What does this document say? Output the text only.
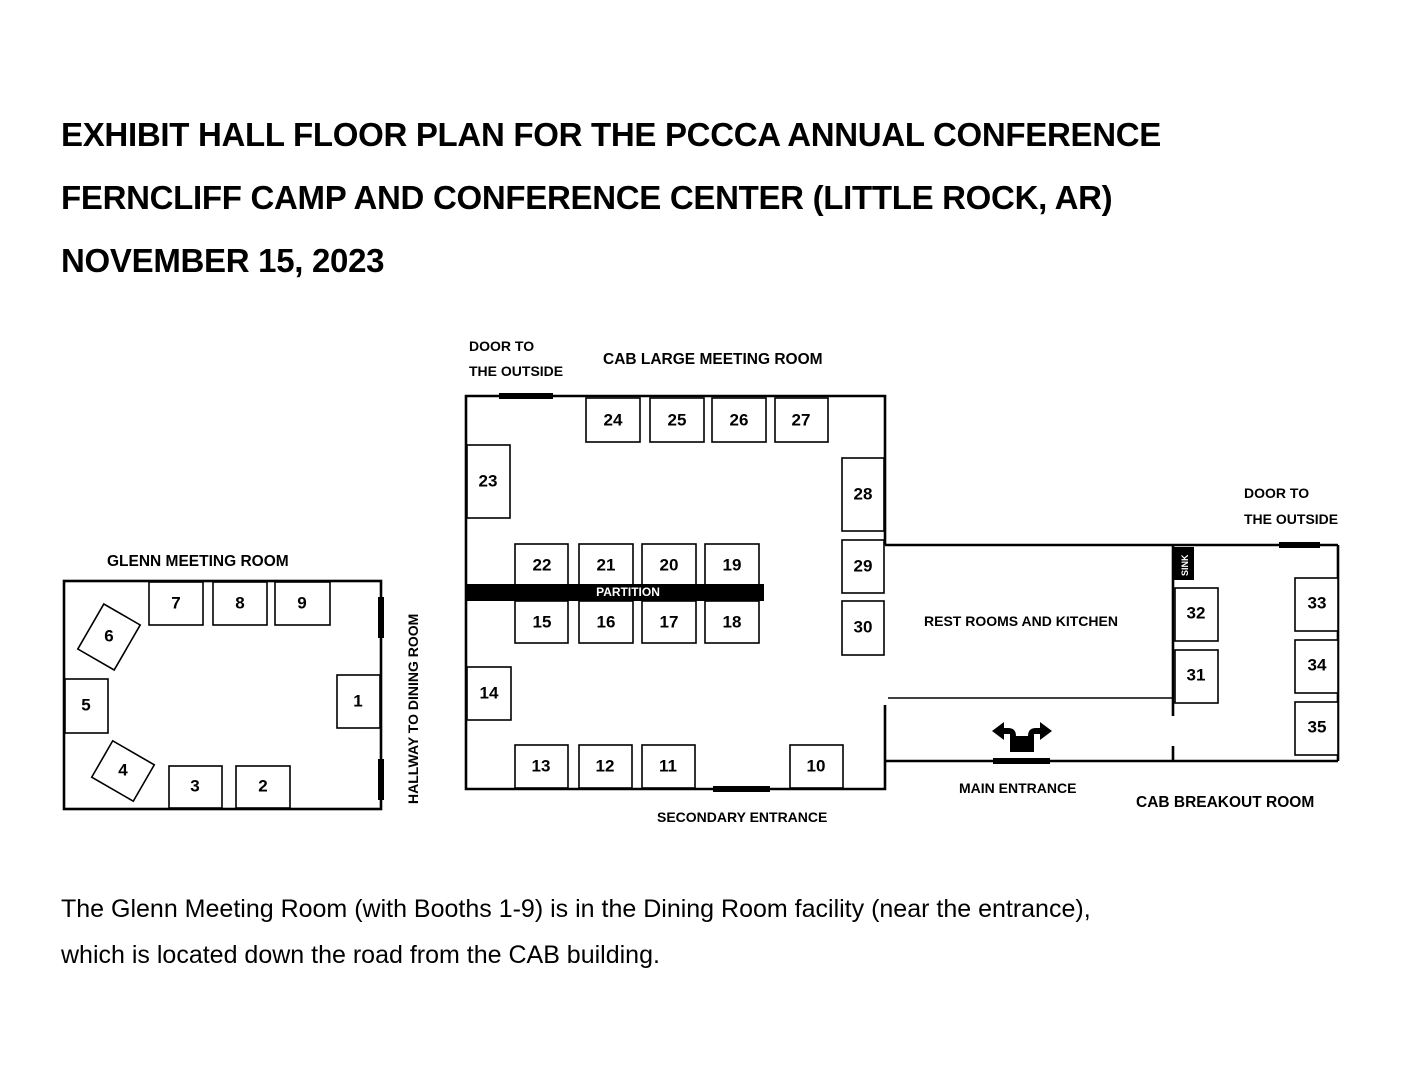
EXHIBIT HALL FLOOR PLAN FOR THE PCCCA ANNUAL CONFERENCE
FERNCLIFF CAMP AND CONFERENCE CENTER (LITTLE ROCK, AR)
NOVEMBER 15, 2023
GLENN MEETING ROOM
HALLWAY TO DINING ROOM
DOOR TO
THE OUTSIDE
CAB LARGE MEETING ROOM
SECONDARY ENTRANCE
SINK
REST ROOMS AND KITCHEN
MAIN ENTRANCE
DOOR TO
THE OUTSIDE
CAB BREAKOUT ROOM
1
2
3
4
5
6
7	8	9
10
11
12
13
14
15	16	17	18
19
20
21
22
PARTITION
23
24	25	26	27
28
29
30
31
32
33
34
35
The Glenn Meeting Room (with Booths 1-9) is in the Dining Room facility (near the entrance),
which is located down the road from the CAB building.
